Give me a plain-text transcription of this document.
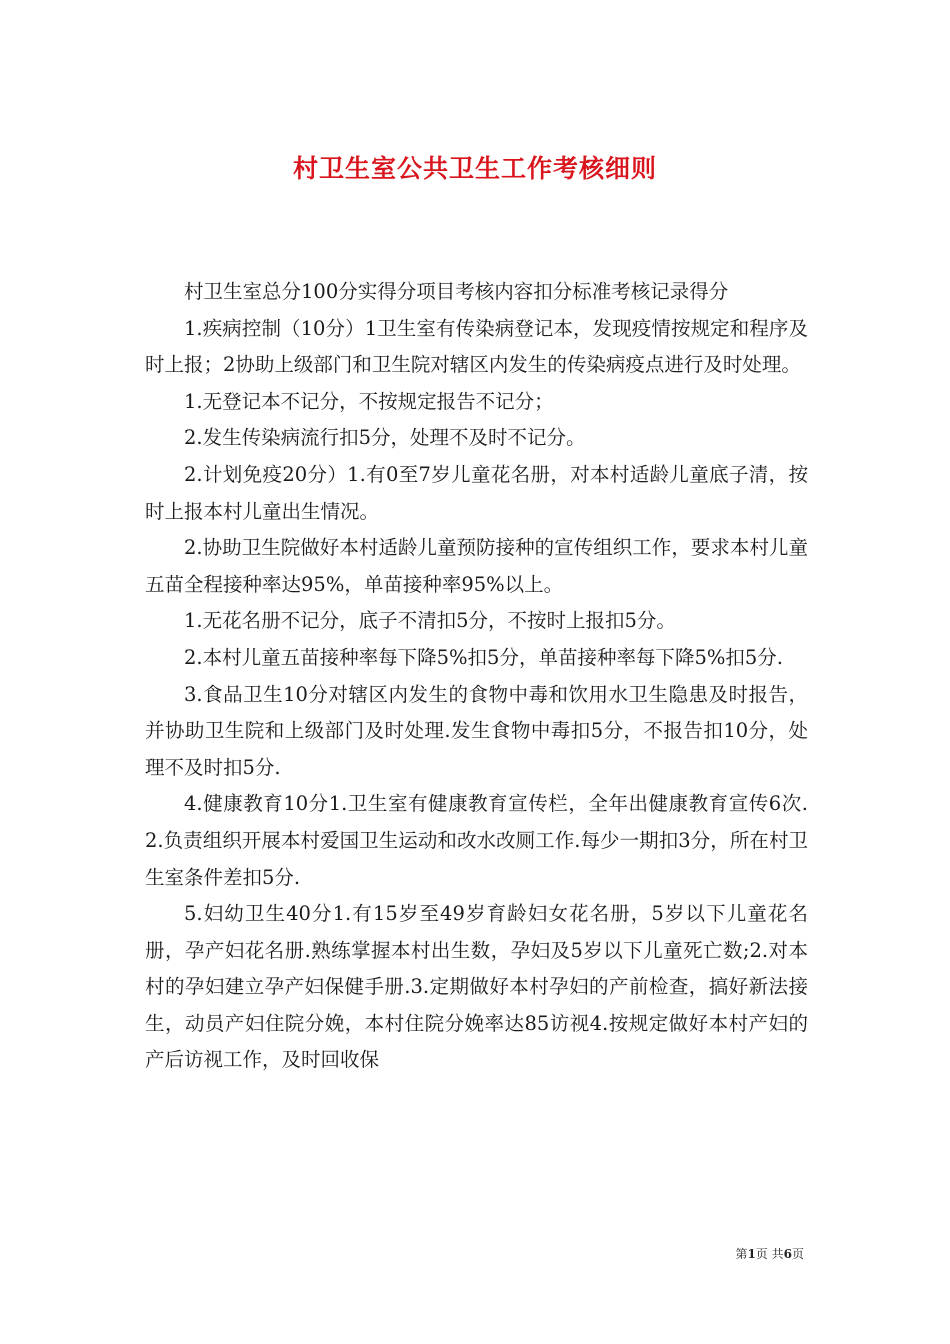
村卫生室公共卫生工作考核细则

村卫生室总分100分实得分项目考核内容扣分标准考核记录得分

1.疾病控制（10分）1卫生室有传染病登记本，发现疫情按规定和程序及时上报；2协助上级部门和卫生院对辖区内发生的传染病疫点进行及时处理。

1.无登记本不记分，不按规定报告不记分；

2.发生传染病流行扣5分，处理不及时不记分。

2.计划免疫20分）1.有0至7岁儿童花名册，对本村适龄儿童底子清，按时上报本村儿童出生情况。

2.协助卫生院做好本村适龄儿童预防接种的宣传组织工作，要求本村儿童五苗全程接种率达95%，单苗接种率95%以上。

1.无花名册不记分，底子不清扣5分，不按时上报扣5分。

2.本村儿童五苗接种率每下降5%扣5分，单苗接种率每下降5%扣5分.

3.食品卫生10分对辖区内发生的食物中毒和饮用水卫生隐患及时报告，并协助卫生院和上级部门及时处理.发生食物中毒扣5分，不报告扣10分，处理不及时扣5分.

4.健康教育10分1.卫生室有健康教育宣传栏，全年出健康教育宣传6次.2.负责组织开展本村爱国卫生运动和改水改厕工作.每少一期扣3分，所在村卫生室条件差扣5分.

5.妇幼卫生40分1.有15岁至49岁育龄妇女花名册，5岁以下儿童花名册，孕产妇花名册.熟练掌握本村出生数，孕妇及5岁以下儿童死亡数;2.对本村的孕妇建立孕产妇保健手册.3.定期做好本村孕妇的产前检查，搞好新法接生，动员产妇住院分娩，本村住院分娩率达85访视4.按规定做好本村产妇的产后访视工作，及时回收保

第1页 共6页
